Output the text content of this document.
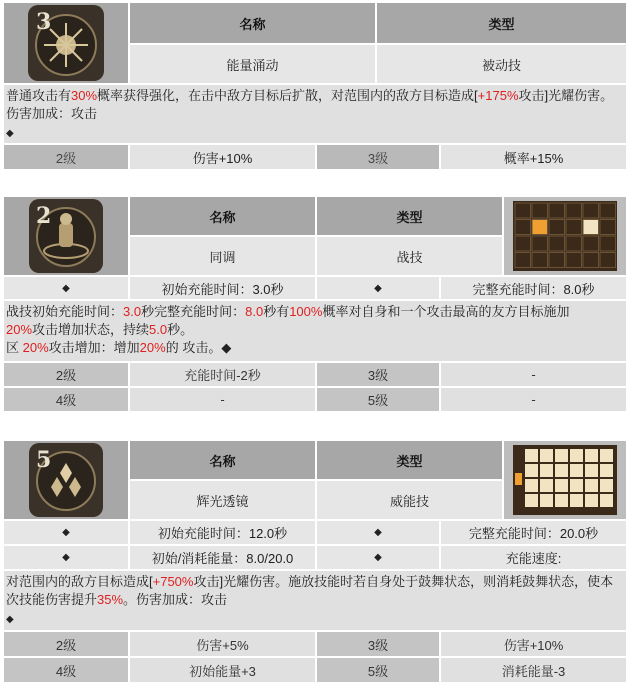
3	名称	类型
能量涌动	被动技
普通攻击有30%概率获得强化，在击中敌方目标后扩散，对范围内的敌方目标造成[+175%攻击]光耀伤害。伤害加成：攻击
◆
2级	伤害+10%	3级	概率+15%
2	名称	类型
同调	战技
◆	初始充能时间：3.0秒	◆	完整充能时间：8.0秒
战技初始充能时间：3.0秒完整充能时间：8.0秒有100%概率对自身和一个攻击最高的友方目标施加
20%攻击增加状态，持续5.0秒。
区 20%攻击增加：增加20%的 攻击。◆
2级	充能时间-2秒	3级	-
4级	-	5级	-
5	名称	类型
辉光透镜	威能技
◆	初始充能时间：12.0秒	◆	完整充能时间：20.0秒
◆	初始/消耗能量：8.0/20.0	◆	充能速度:
对范围内的敌方目标造成[+750%攻击]光耀伤害。施放技能时若自身处于鼓舞状态，则消耗鼓舞状态，使本次技能伤害提升35%。伤害加成：攻击
◆
2级	伤害+5%	3级	伤害+10%
4级	初始能量+3	5级	消耗能量-3
